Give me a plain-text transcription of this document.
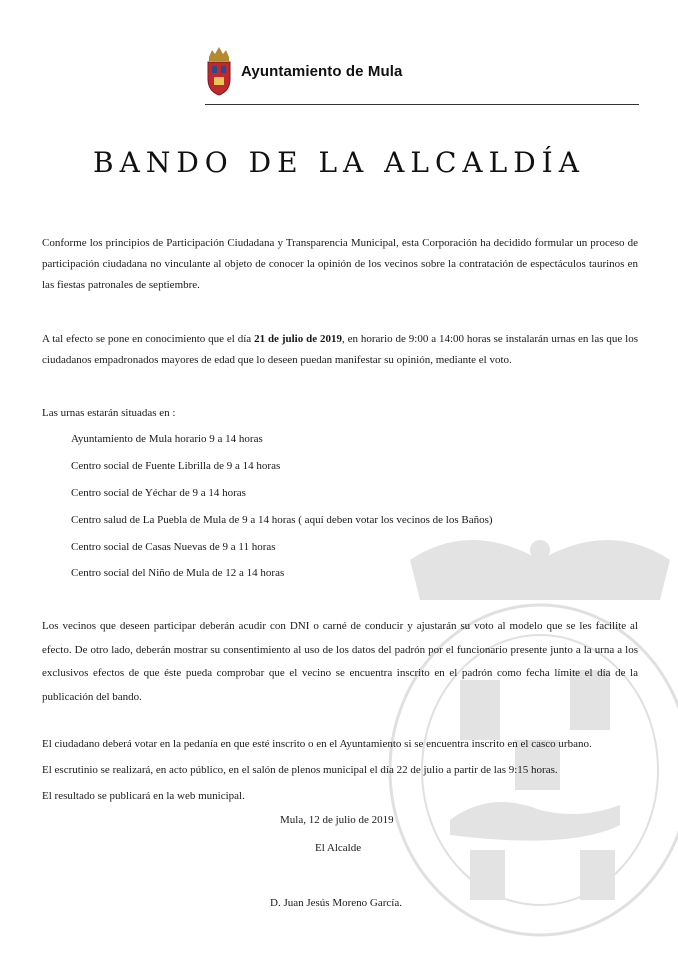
Ayuntamiento de Mula
BANDO DE LA ALCALDÍA
Conforme los principios de Participación Ciudadana y Transparencia Municipal, esta Corporación ha decidido formular un proceso de participación ciudadana no vinculante al objeto de conocer la opinión de los vecinos sobre la contratación de espectáculos taurinos en las fiestas patronales de septiembre.
A tal efecto se pone en conocimiento que el día 21 de julio de 2019, en horario de 9:00 a 14:00 horas se instalarán urnas en las que los ciudadanos empadronados mayores de edad que lo deseen puedan manifestar su opinión, mediante el voto.
Las urnas estarán situadas en :
Ayuntamiento de Mula horario 9 a 14 horas
Centro social de Fuente Librilla de 9 a 14 horas
Centro social de Yéchar de 9 a 14 horas
Centro salud de La Puebla de Mula de 9 a 14 horas ( aquí deben votar los vecinos de los Baños)
Centro social de Casas Nuevas de 9 a 11 horas
Centro social del Niño de Mula de 12 a 14 horas
Los vecinos que deseen participar deberán acudir con DNI o carné de conducir y ajustarán su voto al modelo que se les facilite al efecto. De otro lado, deberán mostrar su consentimiento al uso de los datos del padrón por el funcionario presente junto a la urna a los exclusivos efectos de que éste pueda comprobar que el vecino se encuentra inscrito en el padrón como fecha límite el día de la publicación del bando.
El ciudadano deberá votar en la pedanía en que esté inscrito o en el Ayuntamiento si se encuentra inscrito en el casco urbano.
El escrutinio se realizará, en acto público, en el salón de plenos municipal el día 22 de julio a partir de las 9:15 horas.
El resultado se publicará en la web municipal.
Mula, 12 de julio de 2019
El Alcalde
D. Juan Jesús Moreno García.
